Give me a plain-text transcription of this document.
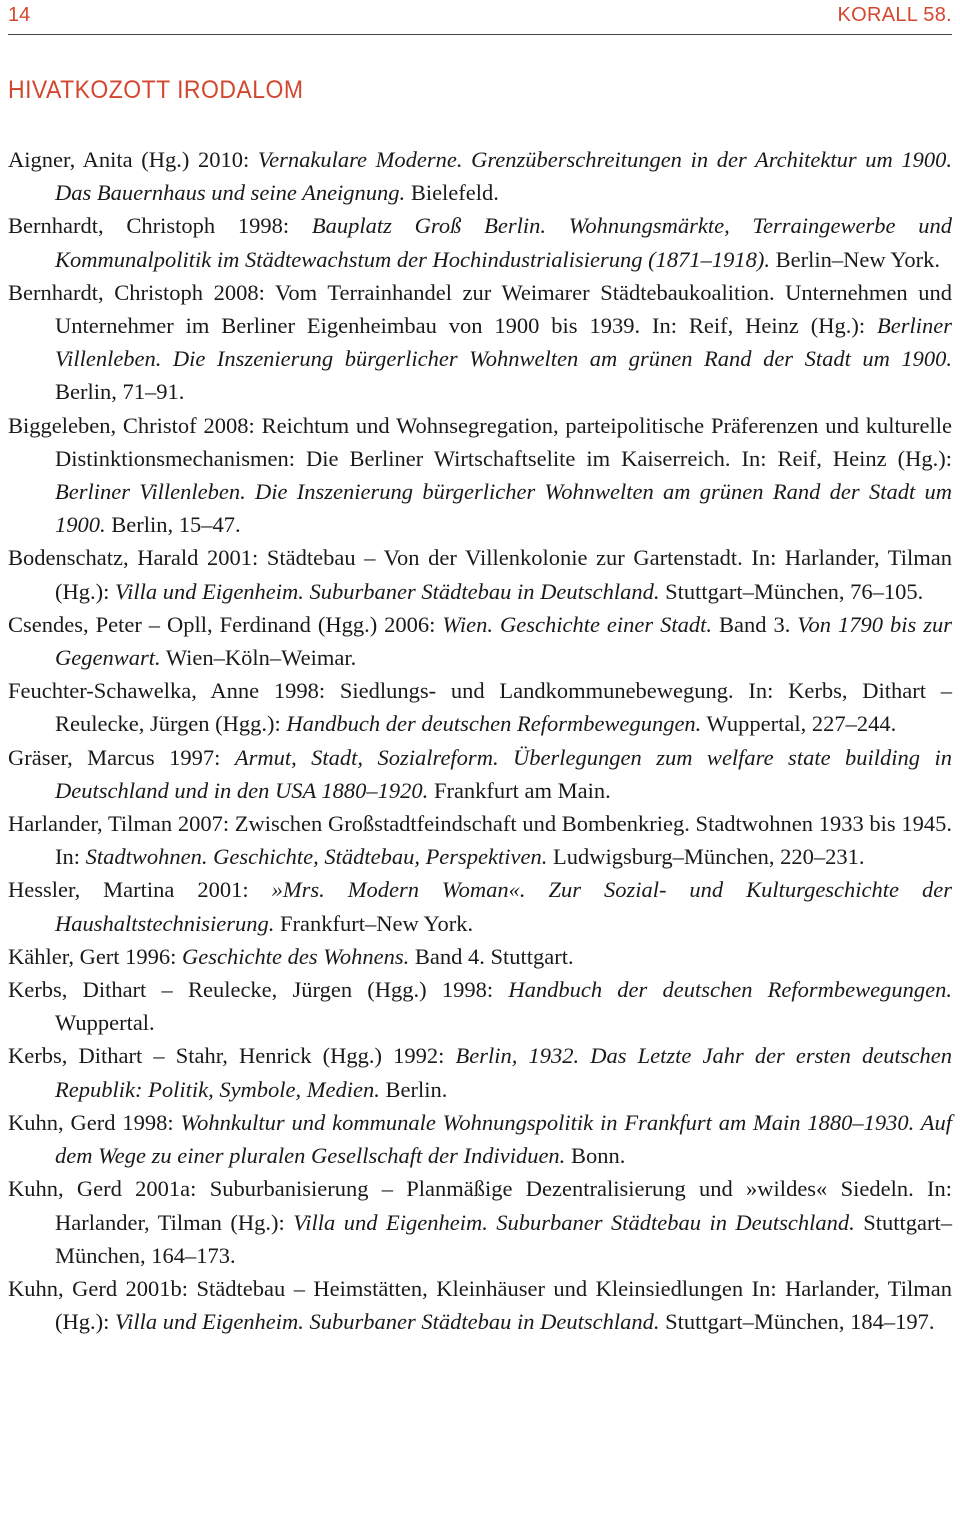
14	KORALL 58.
HIVATKOZOTT IRODALOM
Aigner, Anita (Hg.) 2010: Vernakulare Moderne. Grenzüberschreitungen in der Architektur um 1900. Das Bauernhaus und seine Aneignung. Bielefeld.
Bernhardt, Christoph 1998: Bauplatz Groß Berlin. Wohnungsmärkte, Terraingewerbe und Kommunalpolitik im Städtewachstum der Hochindustrialisierung (1871–1918). Berlin–New York.
Bernhardt, Christoph 2008: Vom Terrainhandel zur Weimarer Städtebaukoalition. Unternehmen und Unternehmer im Berliner Eigenheimbau von 1900 bis 1939. In: Reif, Heinz (Hg.): Berliner Villenleben. Die Inszenierung bürgerlicher Wohnwelten am grünen Rand der Stadt um 1900. Berlin, 71–91.
Biggeleben, Christof 2008: Reichtum und Wohnsegregation, parteipolitische Präferenzen und kulturelle Distinktionsmechanismen: Die Berliner Wirtschaftselite im Kaiserreich. In: Reif, Heinz (Hg.): Berliner Villenleben. Die Inszenierung bürgerlicher Wohnwelten am grünen Rand der Stadt um 1900. Berlin, 15–47.
Bodenschatz, Harald 2001: Städtebau – Von der Villenkolonie zur Gartenstadt. In: Harlander, Tilman (Hg.): Villa und Eigenheim. Suburbaner Städtebau in Deutschland. Stuttgart–München, 76–105.
Csendes, Peter – Opll, Ferdinand (Hgg.) 2006: Wien. Geschichte einer Stadt. Band 3. Von 1790 bis zur Gegenwart. Wien–Köln–Weimar.
Feuchter-Schawelka, Anne 1998: Siedlungs- und Landkommunebewegung. In: Kerbs, Dithart – Reulecke, Jürgen (Hgg.): Handbuch der deutschen Reformbewegungen. Wuppertal, 227–244.
Gräser, Marcus 1997: Armut, Stadt, Sozialreform. Überlegungen zum welfare state building in Deutschland und in den USA 1880–1920. Frankfurt am Main.
Harlander, Tilman 2007: Zwischen Großstadtfeindschaft und Bombenkrieg. Stadtwohnen 1933 bis 1945. In: Stadtwohnen. Geschichte, Städtebau, Perspektiven. Ludwigsburg–München, 220–231.
Hessler, Martina 2001: »Mrs. Modern Woman«. Zur Sozial- und Kulturgeschichte der Haushaltstechnisierung. Frankfurt–New York.
Kähler, Gert 1996: Geschichte des Wohnens. Band 4. Stuttgart.
Kerbs, Dithart – Reulecke, Jürgen (Hgg.) 1998: Handbuch der deutschen Reformbewegungen. Wuppertal.
Kerbs, Dithart – Stahr, Henrick (Hgg.) 1992: Berlin, 1932. Das Letzte Jahr der ersten deutschen Republik: Politik, Symbole, Medien. Berlin.
Kuhn, Gerd 1998: Wohnkultur und kommunale Wohnungspolitik in Frankfurt am Main 1880–1930. Auf dem Wege zu einer pluralen Gesellschaft der Individuen. Bonn.
Kuhn, Gerd 2001a: Suburbanisierung – Planmäßige Dezentralisierung und »wildes« Siedeln. In: Harlander, Tilman (Hg.): Villa und Eigenheim. Suburbaner Städtebau in Deutschland. Stuttgart–München, 164–173.
Kuhn, Gerd 2001b: Städtebau – Heimstätten, Kleinhäuser und Kleinsiedlungen In: Harlander, Tilman (Hg.): Villa und Eigenheim. Suburbaner Städtebau in Deutschland. Stuttgart–München, 184–197.
